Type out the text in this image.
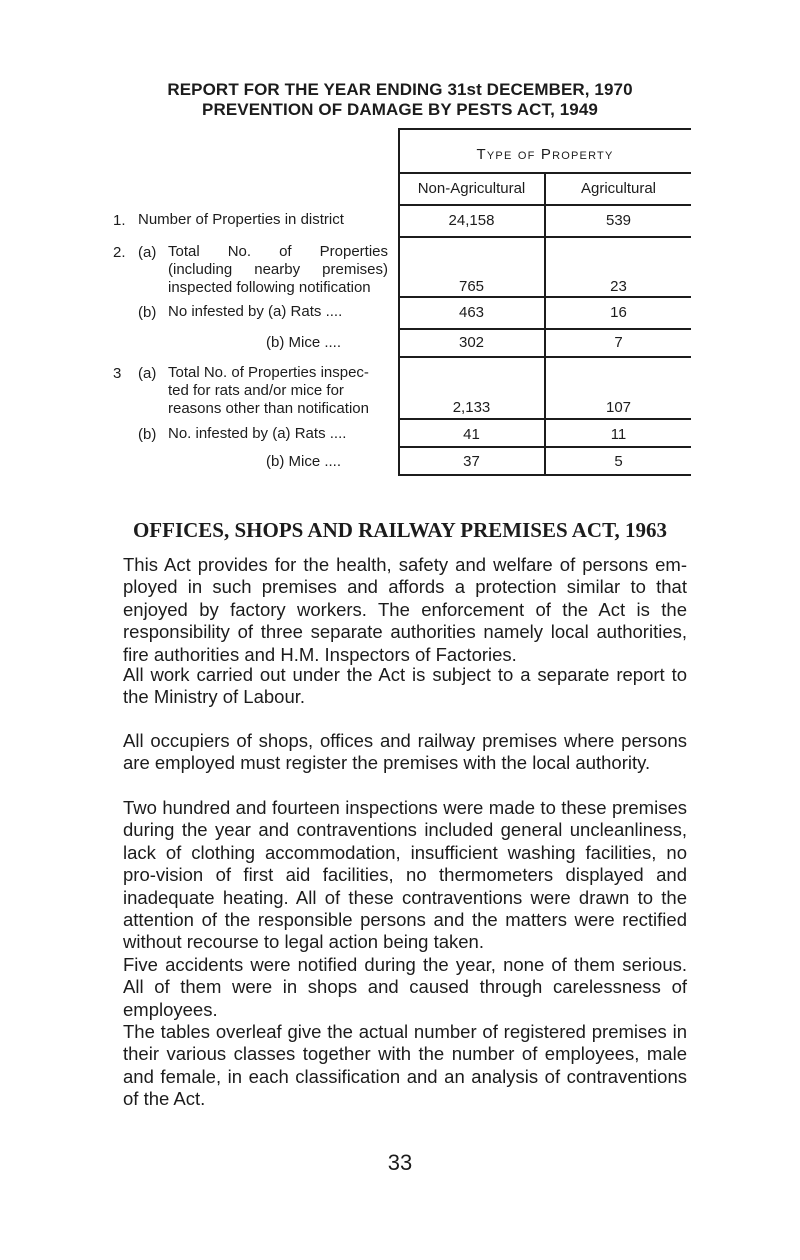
REPORT FOR THE YEAR ENDING 31st DECEMBER, 1970
PREVENTION OF DAMAGE BY PESTS ACT, 1949
Type of Property
Non-Agricultural	Agricultural
1. Number of Properties in district	24,158	539
2. (a) Total No. of Properties
(including nearby premises)
inspected following notification	765	23
(b) No infested by (a) Rats ....	463	16
(b) Mice ....	302	7
3 (a) Total No. of Properties inspec-
ted for rats and/or mice for
reasons other than notification	2,133	107
(b) No. infested by (a) Rats ....	41	11
(b) Mice ....	37	5
OFFICES, SHOPS AND RAILWAY PREMISES ACT, 1963

This Act provides for the health, safety and welfare of persons em-ployed in such premises and affords a protection similar to that enjoyed by factory workers. The enforcement of the Act is the responsibility of three separate authorities namely local authorities, fire authorities and H.M. Inspectors of Factories.

All work carried out under the Act is subject to a separate report to the Ministry of Labour.

All occupiers of shops, offices and railway premises where persons are employed must register the premises with the local authority.

Two hundred and fourteen inspections were made to these premises during the year and contraventions included general uncleanliness, lack of clothing accommodation, insufficient washing facilities, no pro-vision of first aid facilities, no thermometers displayed and inadequate heating. All of these contraventions were drawn to the attention of the responsible persons and the matters were rectified without recourse to legal action being taken.

Five accidents were notified during the year, none of them serious. All of them were in shops and caused through carelessness of employees.

The tables overleaf give the actual number of registered premises in their various classes together with the number of employees, male and female, in each classification and an analysis of contraventions of the Act.

33
